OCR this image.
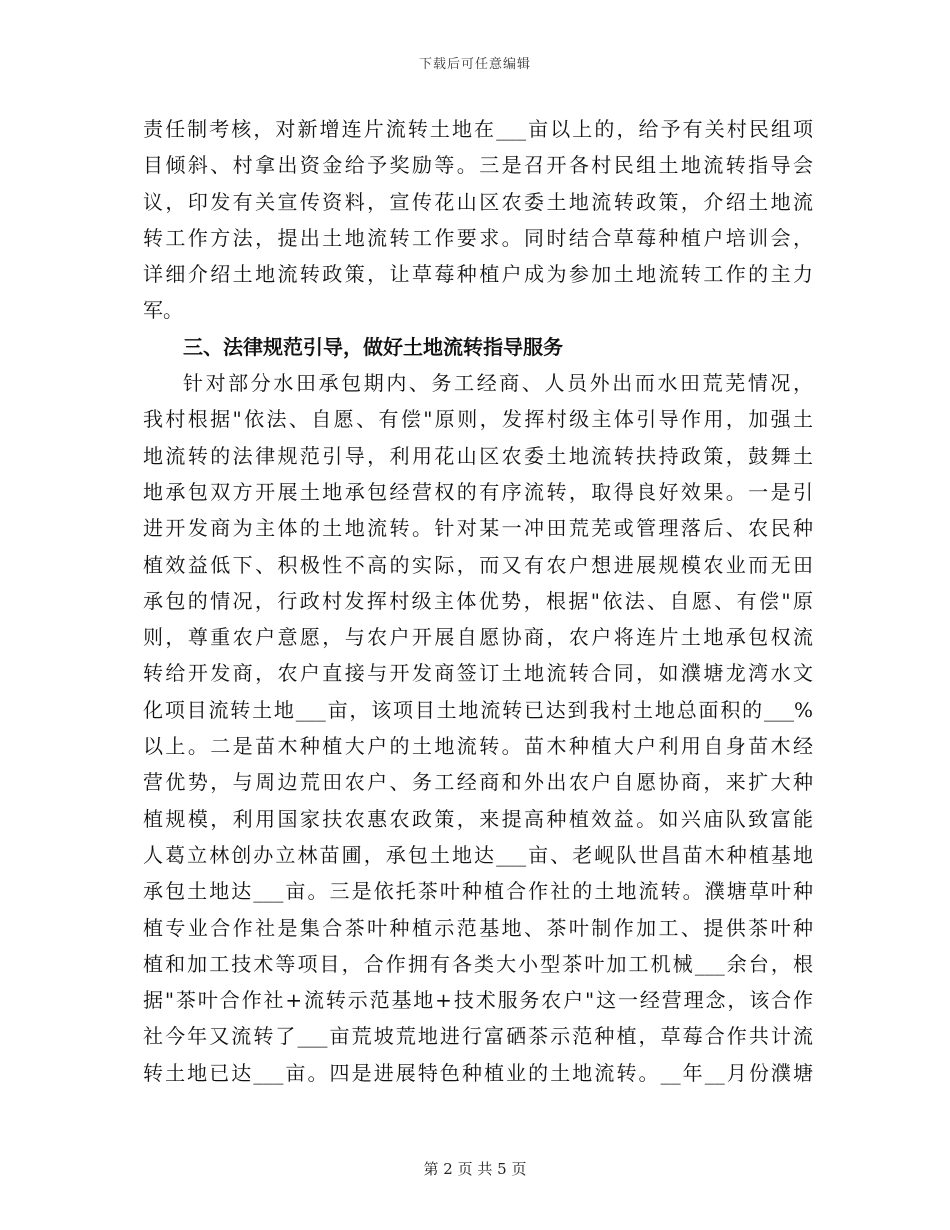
下载后可任意编辑
责任制考核，对新增连片流转土地在___亩以上的，给予有关村民组项
目倾斜、村拿出资金给予奖励等。三是召开各村民组土地流转指导会
议，印发有关宣传资料，宣传花山区农委土地流转政策，介绍土地流
转工作方法，提出土地流转工作要求。同时结合草莓种植户培训会，
详细介绍土地流转政策，让草莓种植户成为参加土地流转工作的主力
军。
三、法律规范引导，做好土地流转指导服务
针对部分水田承包期内、务工经商、人员外出而水田荒芜情况，
我村根据"依法、自愿、有偿"原则，发挥村级主体引导作用，加强土
地流转的法律规范引导，利用花山区农委土地流转扶持政策，鼓舞土
地承包双方开展土地承包经营权的有序流转，取得良好效果。一是引
进开发商为主体的土地流转。针对某一冲田荒芜或管理落后、农民种
植效益低下、积极性不高的实际，而又有农户想进展规模农业而无田
承包的情况，行政村发挥村级主体优势，根据"依法、自愿、有偿"原
则，尊重农户意愿，与农户开展自愿协商，农户将连片土地承包权流
转给开发商，农户直接与开发商签订土地流转合同，如濮塘龙湾水文
化项目流转土地___亩，该项目土地流转已达到我村土地总面积的___%
以上。二是苗木种植大户的土地流转。苗木种植大户利用自身苗木经
营优势，与周边荒田农户、务工经商和外出农户自愿协商，来扩大种
植规模，利用国家扶农惠农政策，来提高种植效益。如兴庙队致富能
人葛立林创办立林苗圃，承包土地达___亩、老岘队世昌苗木种植基地
承包土地达___亩。三是依托茶叶种植合作社的土地流转。濮塘草叶种
植专业合作社是集合茶叶种植示范基地、茶叶制作加工、提供茶叶种
植和加工技术等项目，合作拥有各类大小型茶叶加工机械___余台，根
据"茶叶合作社+流转示范基地+技术服务农户"这一经营理念，该合作
社今年又流转了___亩荒坡荒地进行富硒茶示范种植，草莓合作共计流
转土地已达___亩。四是进展特色种植业的土地流转。__年__月份濮塘
第 2 页 共 5 页
